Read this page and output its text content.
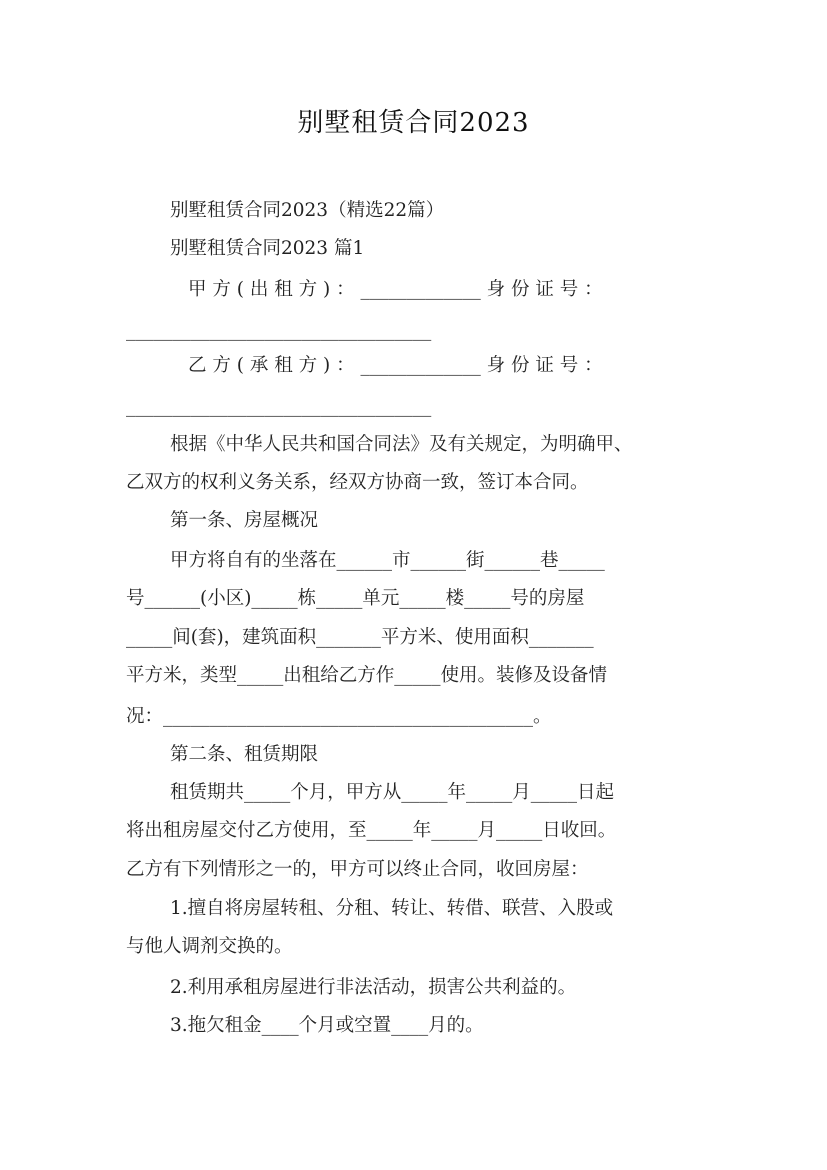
别墅租赁合同2023
别墅租赁合同2023（精选22篇）
别墅租赁合同2023 篇1
甲 方 ( 出 租 方 ) ： _____________ 身 份 证 号 ：
_________________________________
乙 方 ( 承 租 方 ) ： _____________ 身 份 证 号 ：
_________________________________
根据《中华人民共和国合同法》及有关规定，为明确甲、
乙双方的权利义务关系，经双方协商一致，签订本合同。
第一条、房屋概况
甲方将自有的坐落在______市______街______巷_____
号______(小区)_____栋_____单元_____楼_____号的房屋
_____间(套)，建筑面积_______平方米、使用面积_______
平方米，类型_____出租给乙方作_____使用。装修及设备情
况：________________________________________。
第二条、租赁期限
租赁期共_____个月，甲方从_____年_____月_____日起
将出租房屋交付乙方使用，至_____年_____月_____日收回。
乙方有下列情形之一的，甲方可以终止合同，收回房屋：
1.擅自将房屋转租、分租、转让、转借、联营、入股或
与他人调剂交换的。
2.利用承租房屋进行非法活动，损害公共利益的。
3.拖欠租金____个月或空置____月的。
